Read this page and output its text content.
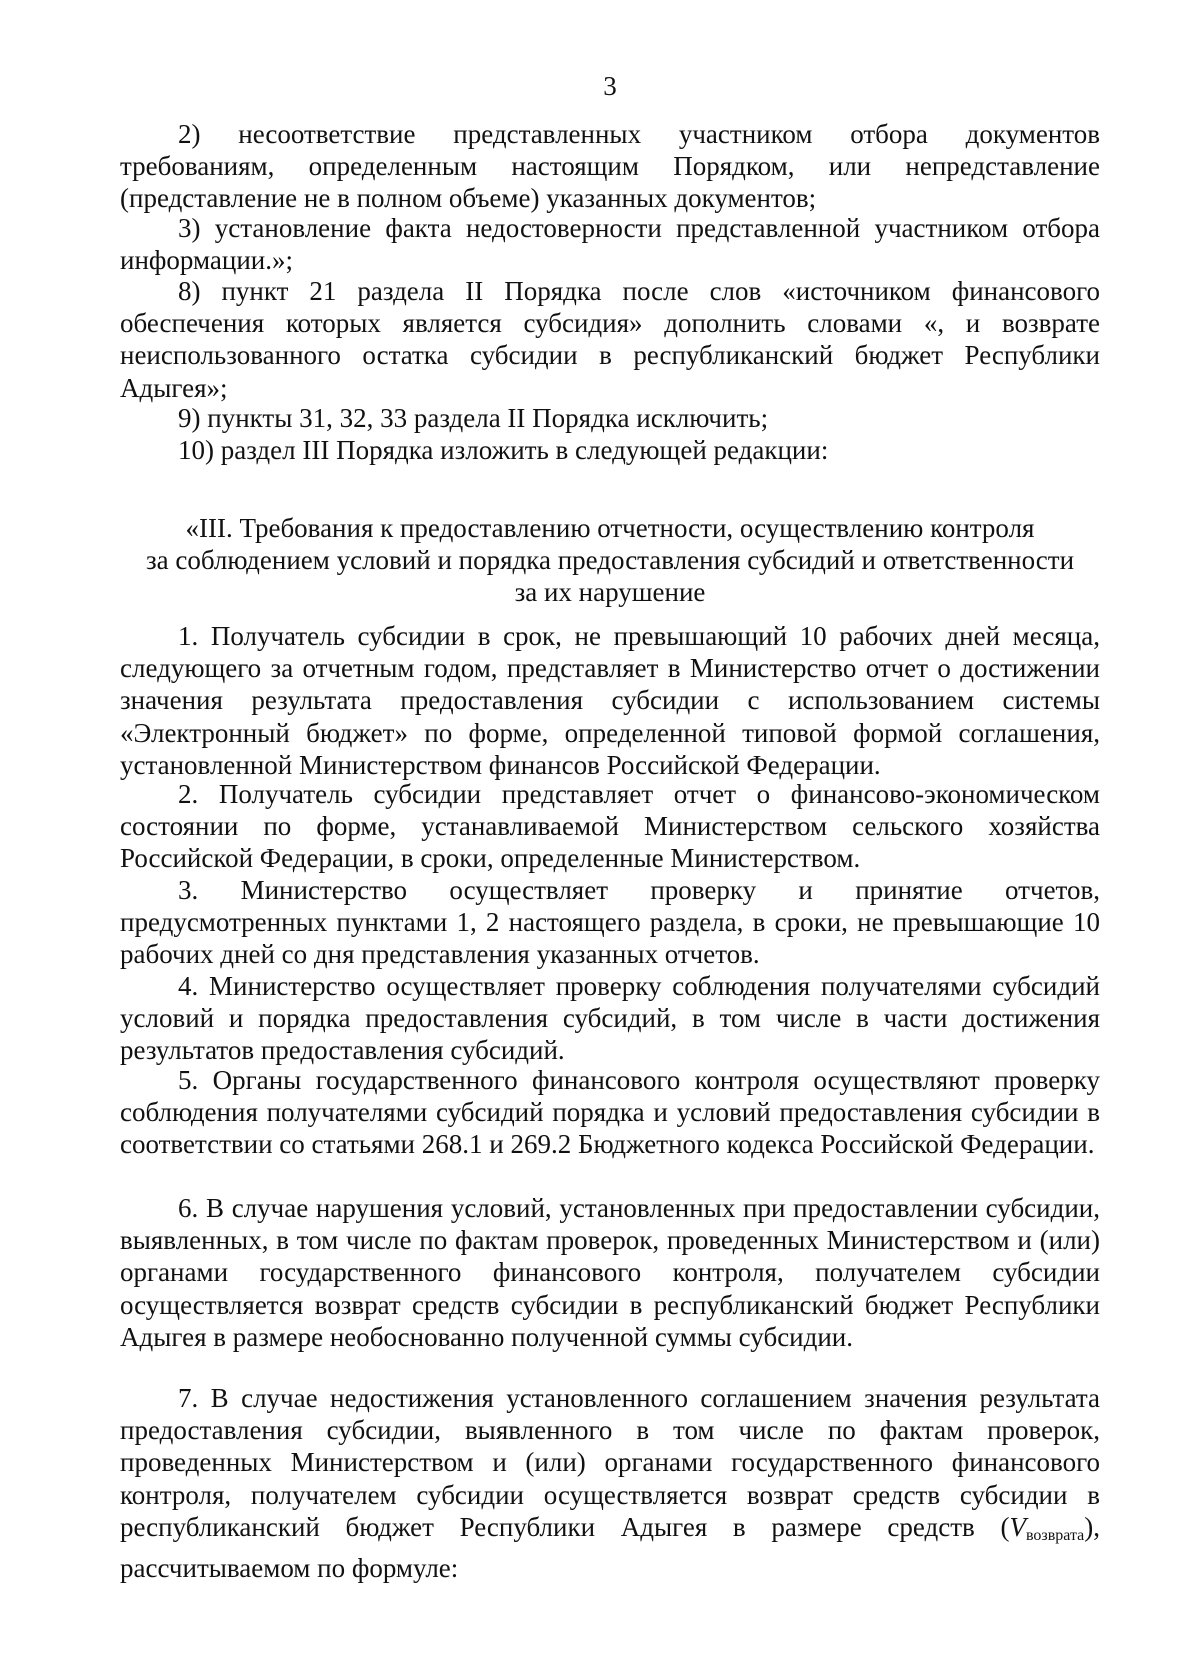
3

2) несоответствие представленных участником отбора документов требованиям, определенным настоящим Порядком, или непредставление (представление не в полном объеме) указанных документов;

3) установление факта недостоверности представленной участником отбора информации.»;

8) пункт 21 раздела II Порядка после слов «источником финансового обеспечения которых является субсидия» дополнить словами «, и возврате неиспользованного остатка субсидии в республиканский бюджет Республики Адыгея»;

9) пункты 31, 32, 33 раздела II Порядка исключить;

10) раздел III Порядка изложить в следующей редакции:

«III. Требования к предоставлению отчетности, осуществлению контроля
за соблюдением условий и порядка предоставления субсидий и ответственности
за их нарушение

1. Получатель субсидии в срок, не превышающий 10 рабочих дней месяца, следующего за отчетным годом, представляет в Министерство отчет о достижении значения результата предоставления субсидии с использованием системы «Электронный бюджет» по форме, определенной типовой формой соглашения, установленной Министерством финансов Российской Федерации.

2. Получатель субсидии представляет отчет о финансово-экономическом состоянии по форме, устанавливаемой Министерством сельского хозяйства Российской Федерации, в сроки, определенные Министерством.

3. Министерство осуществляет проверку и принятие отчетов, предусмотренных пунктами 1, 2 настоящего раздела, в сроки, не превышающие 10 рабочих дней со дня представления указанных отчетов.

4. Министерство осуществляет проверку соблюдения получателями субсидий условий и порядка предоставления субсидий, в том числе в части достижения результатов предоставления субсидий.

5. Органы государственного финансового контроля осуществляют проверку соблюдения получателями субсидий порядка и условий предоставления субсидии в соответствии со статьями 268.1 и 269.2 Бюджетного кодекса Российской Федерации.

6. В случае нарушения условий, установленных при предоставлении субсидии, выявленных, в том числе по фактам проверок, проведенных Министерством и (или) органами государственного финансового контроля, получателем субсидии осуществляется возврат средств субсидии в республиканский бюджет Республики Адыгея в размере необоснованно полученной суммы субсидии.

7. В случае недостижения установленного соглашением значения результата предоставления субсидии, выявленного в том числе по фактам проверок, проведенных Министерством и (или) органами государственного финансового контроля, получателем субсидии осуществляется возврат средств субсидии в республиканский бюджет Республики Адыгея в размере средств (Vвозврата), рассчитываемом по формуле:
